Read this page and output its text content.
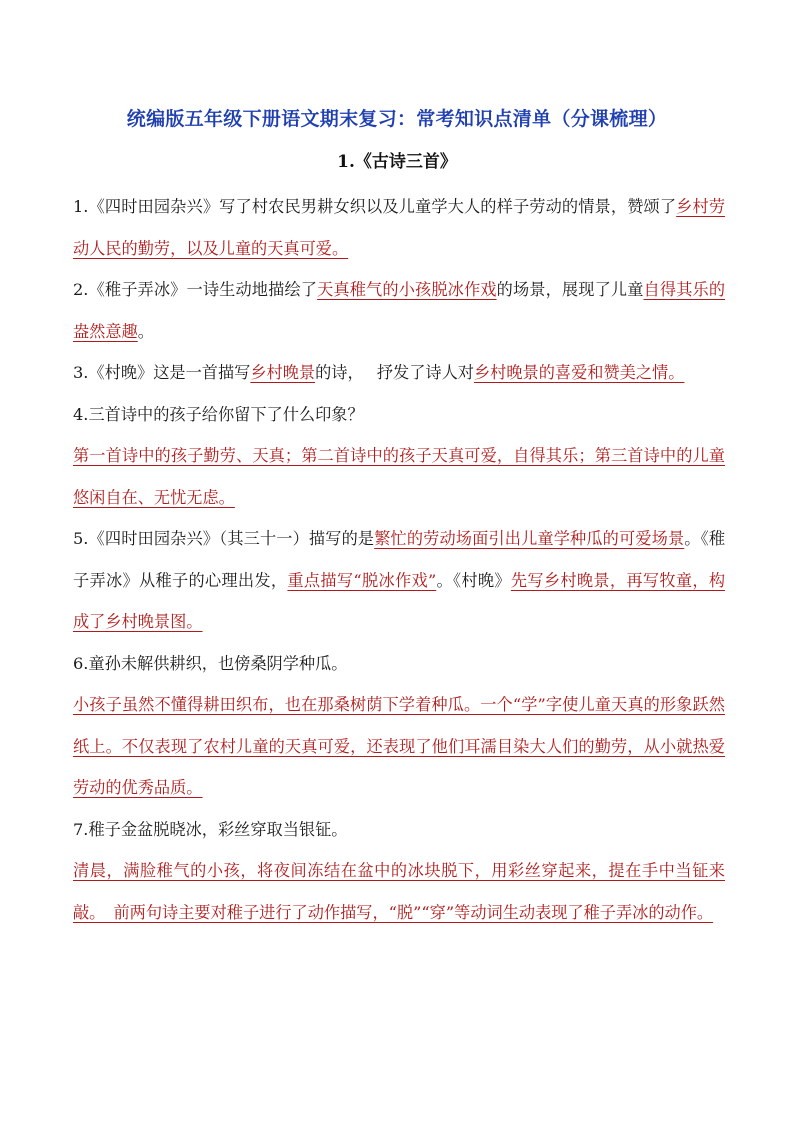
统编版五年级下册语文期末复习：常考知识点清单（分课梳理）
1.《古诗三首》

1.《四时田园杂兴》写了村农民男耕女织以及儿童学大人的样子劳动的情景，赞颂了乡村劳动人民的勤劳，以及儿童的天真可爱。

2.《稚子弄冰》一诗生动地描绘了天真稚气的小孩脱冰作戏的场景，展现了儿童自得其乐的盎然意趣。

3.《村晚》这是一首描写乡村晚景的诗，　 抒发了诗人对乡村晚景的喜爱和赞美之情。

4.三首诗中的孩子给你留下了什么印象？

第一首诗中的孩子勤劳、天真；第二首诗中的孩子天真可爱，自得其乐；第三首诗中的儿童悠闲自在、无忧无虑。

5.《四时田园杂兴》（其三十一）描写的是繁忙的劳动场面引出儿童学种瓜的可爱场景。《稚子弄冰》从稚子的心理出发，重点描写“脱冰作戏”。《村晚》先写乡村晚景，再写牧童，构成了乡村晚景图。

6.童孙未解供耕织，也傍桑阴学种瓜。

小孩子虽然不懂得耕田织布，也在那桑树荫下学着种瓜。一个“学”字使儿童天真的形象跃然纸上。不仅表现了农村儿童的天真可爱，还表现了他们耳濡目染大人们的勤劳，从小就热爱劳动的优秀品质。

7.稚子金盆脱晓冰，彩丝穿取当银钲。

清晨，满脸稚气的小孩，将夜间冻结在盆中的冰块脱下，用彩丝穿起来，提在手中当钲来敲。　前两句诗主要对稚子进行了动作描写，“脱”“穿”等动词生动表现了稚子弄冰的动作。
